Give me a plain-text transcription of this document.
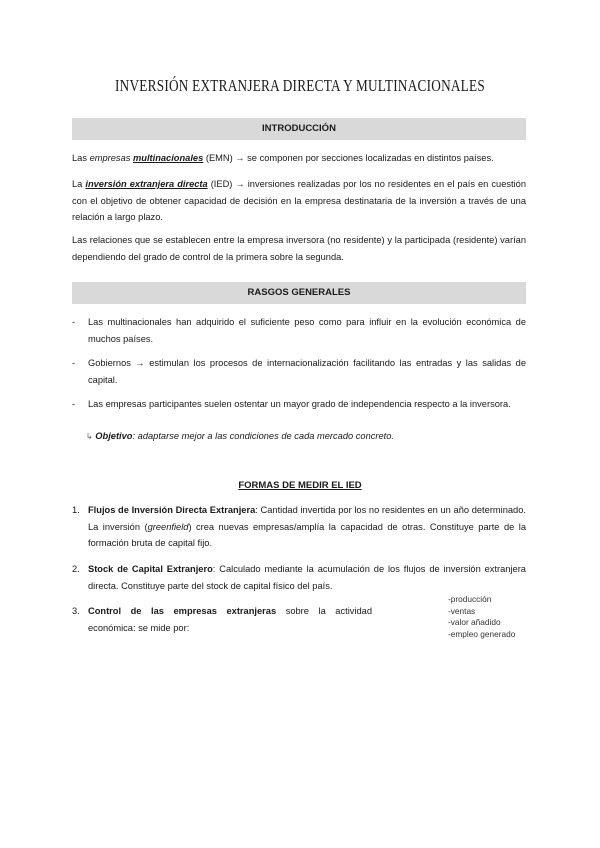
INVERSIÓN EXTRANJERA DIRECTA Y MULTINACIONALES
INTRODUCCIÓN

Las empresas multinacionales (EMN) → se componen por secciones localizadas en distintos países.

La inversión extranjera directa (IED) → inversiones realizadas por los no residentes en el país en cuestión con el objetivo de obtener capacidad de decisión en la empresa destinataria de la inversión a través de una relación a largo plazo.

Las relaciones que se establecen entre la empresa inversora (no residente) y la participada (residente) varían dependiendo del grado de control de la primera sobre la segunda.

RASGOS GENERALES
- Las multinacionales han adquirido el suficiente peso como para influir en la evolución económica de muchos países.
- Gobiernos → estimulan los procesos de internacionalización facilitando las entradas y las salidas de capital.
- Las empresas participantes suelen ostentar un mayor grado de independencia respecto a la inversora.
↳ Objetivo: adaptarse mejor a las condiciones de cada mercado concreto.
FORMAS DE MEDIR EL IED
1. Flujos de Inversión Directa Extranjera: Cantidad invertida por los no residentes en un año determinado. La inversión (greenfield) crea nuevas empresas/amplía la capacidad de otras. Constituye parte de la formación bruta de capital fijo.
2. Stock de Capital Extranjero: Calculado mediante la acumulación de los flujos de inversión extranjera directa. Constituye parte del stock de capital físico del país.
3. Control de las empresas extranjeras sobre la actividad económica: se mide por:
-producción
-ventas
-valor añadido
-empleo generado
